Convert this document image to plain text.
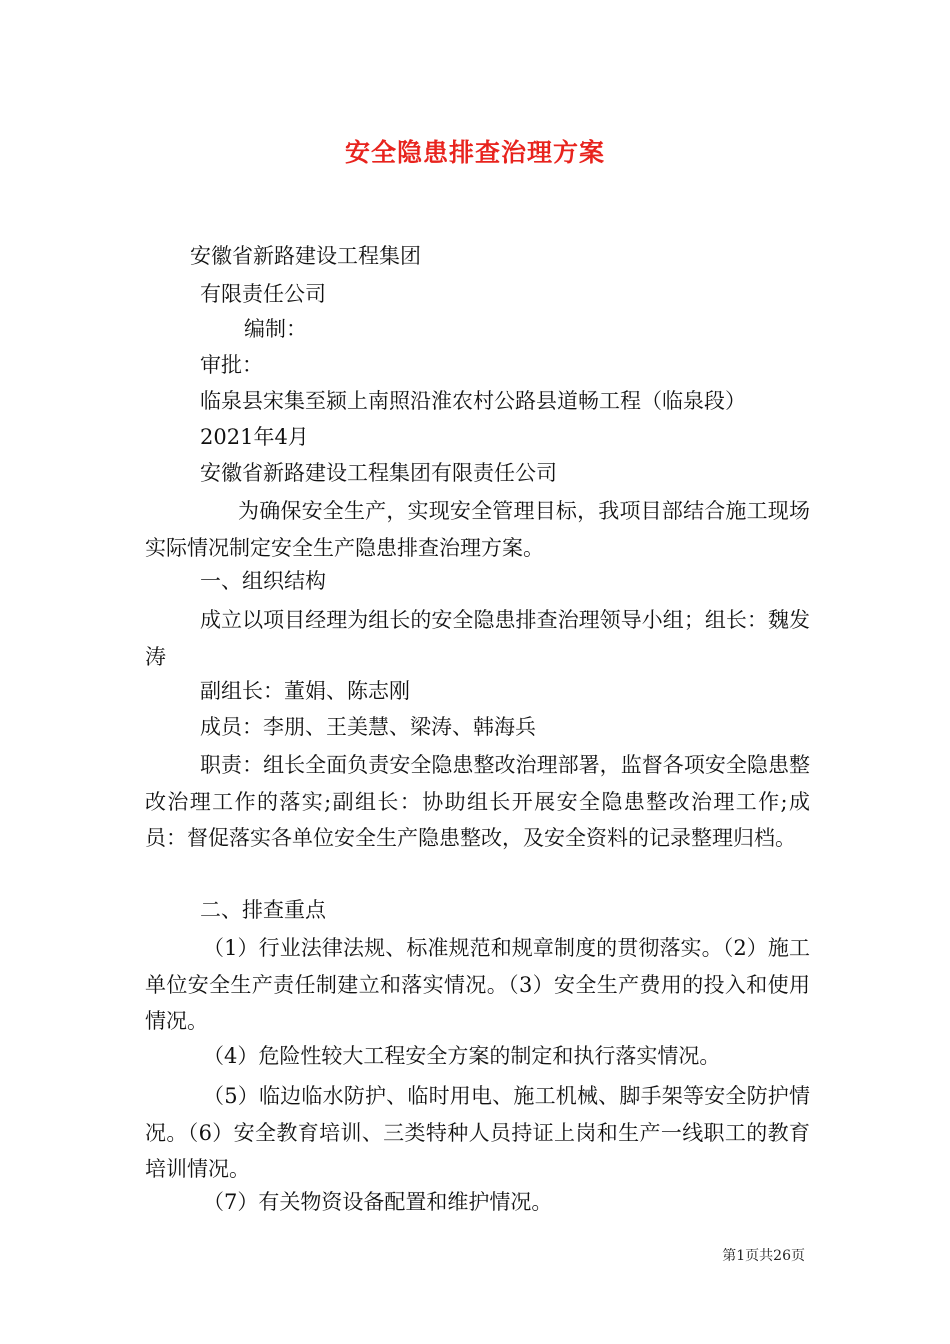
安全隐患排查治理方案
安徽省新路建设工程集团
有限责任公司
编制：
审批：
临泉县宋集至颍上南照沿淮农村公路县道畅工程（临泉段）
2021年4月
安徽省新路建设工程集团有限责任公司
为确保安全生产，实现安全管理目标，我项目部结合施工现场实际情况制定安全生产隐患排查治理方案。
一、组织结构
成立以项目经理为组长的安全隐患排查治理领导小组；组长：魏发涛
副组长：董娟、陈志刚
成员：李朋、王美慧、梁涛、韩海兵
职责：组长全面负责安全隐患整改治理部署，监督各项安全隐患整改治理工作的落实;副组长：协助组长开展安全隐患整改治理工作;成员：督促落实各单位安全生产隐患整改，及安全资料的记录整理归档。
二、排查重点
（1）行业法律法规、标准规范和规章制度的贯彻落实。（2）施工单位安全生产责任制建立和落实情况。（3）安全生产费用的投入和使用情况。
（4）危险性较大工程安全方案的制定和执行落实情况。
（5）临边临水防护、临时用电、施工机械、脚手架等安全防护情况。（6）安全教育培训、三类特种人员持证上岗和生产一线职工的教育培训情况。
（7）有关物资设备配置和维护情况。
第1页共26页
